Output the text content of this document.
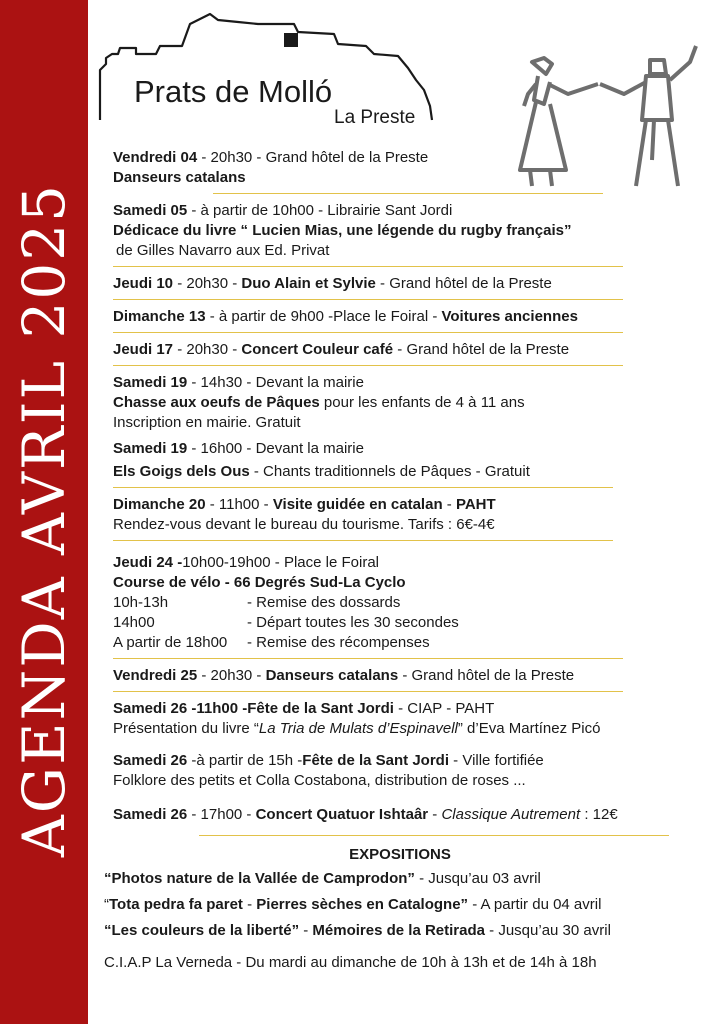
AGENDA AVRIL 2025
Prats de Molló
La Preste
Vendredi 04 - 20h30 - Grand hôtel de la Preste
Danseurs catalans
Samedi 05 - à partir de 10h00 - Librairie Sant Jordi
Dédicace du livre “ Lucien Mias, une légende du rugby français”
de Gilles Navarro aux Ed. Privat
Jeudi 10 - 20h30 - Duo Alain et Sylvie - Grand hôtel de la Preste
Dimanche 13 - à partir de 9h00 -Place le Foiral - Voitures anciennes
Jeudi 17 - 20h30 - Concert Couleur café - Grand hôtel de la Preste
Samedi 19 - 14h30 - Devant la mairie
Chasse aux oeufs de Pâques pour les enfants de 4 à 11 ans
Inscription en mairie. Gratuit
Samedi 19 - 16h00 - Devant la mairie
Els Goigs dels Ous - Chants traditionnels de Pâques - Gratuit
Dimanche 20 - 11h00 - Visite guidée en catalan - PAHT
Rendez-vous devant le bureau du tourisme. Tarifs : 6€-4€
Jeudi 24 -10h00-19h00 - Place le Foiral
Course de vélo - 66 Degrés Sud-La Cyclo
10h-13h	- Remise des dossards
14h00	- Départ toutes les 30 secondes
A partir de 18h00	- Remise des récompenses
Vendredi 25 - 20h30 - Danseurs catalans - Grand hôtel de la Preste
Samedi 26 -11h00 -Fête de la Sant Jordi - CIAP - PAHT
Présentation du livre “La Tria de Mulats d’Espinavell” d’Eva Martínez Picó
Samedi 26 -à partir de 15h -Fête de la Sant Jordi - Ville fortifiée
Folklore des petits et Colla Costabona, distribution de roses ...
Samedi 26 - 17h00 - Concert Quatuor Ishtaâr - Classique Autrement : 12€
EXPOSITIONS
“Photos nature de la Vallée de Camprodon” - Jusqu’au 03 avril
“Tota pedra fa paret - Pierres sèches en Catalogne” - A partir du 04 avril
“Les couleurs de la liberté” - Mémoires de la Retirada - Jusqu’au 30 avril
C.I.A.P La Verneda - Du mardi au dimanche de 10h à 13h et de 14h à 18h
